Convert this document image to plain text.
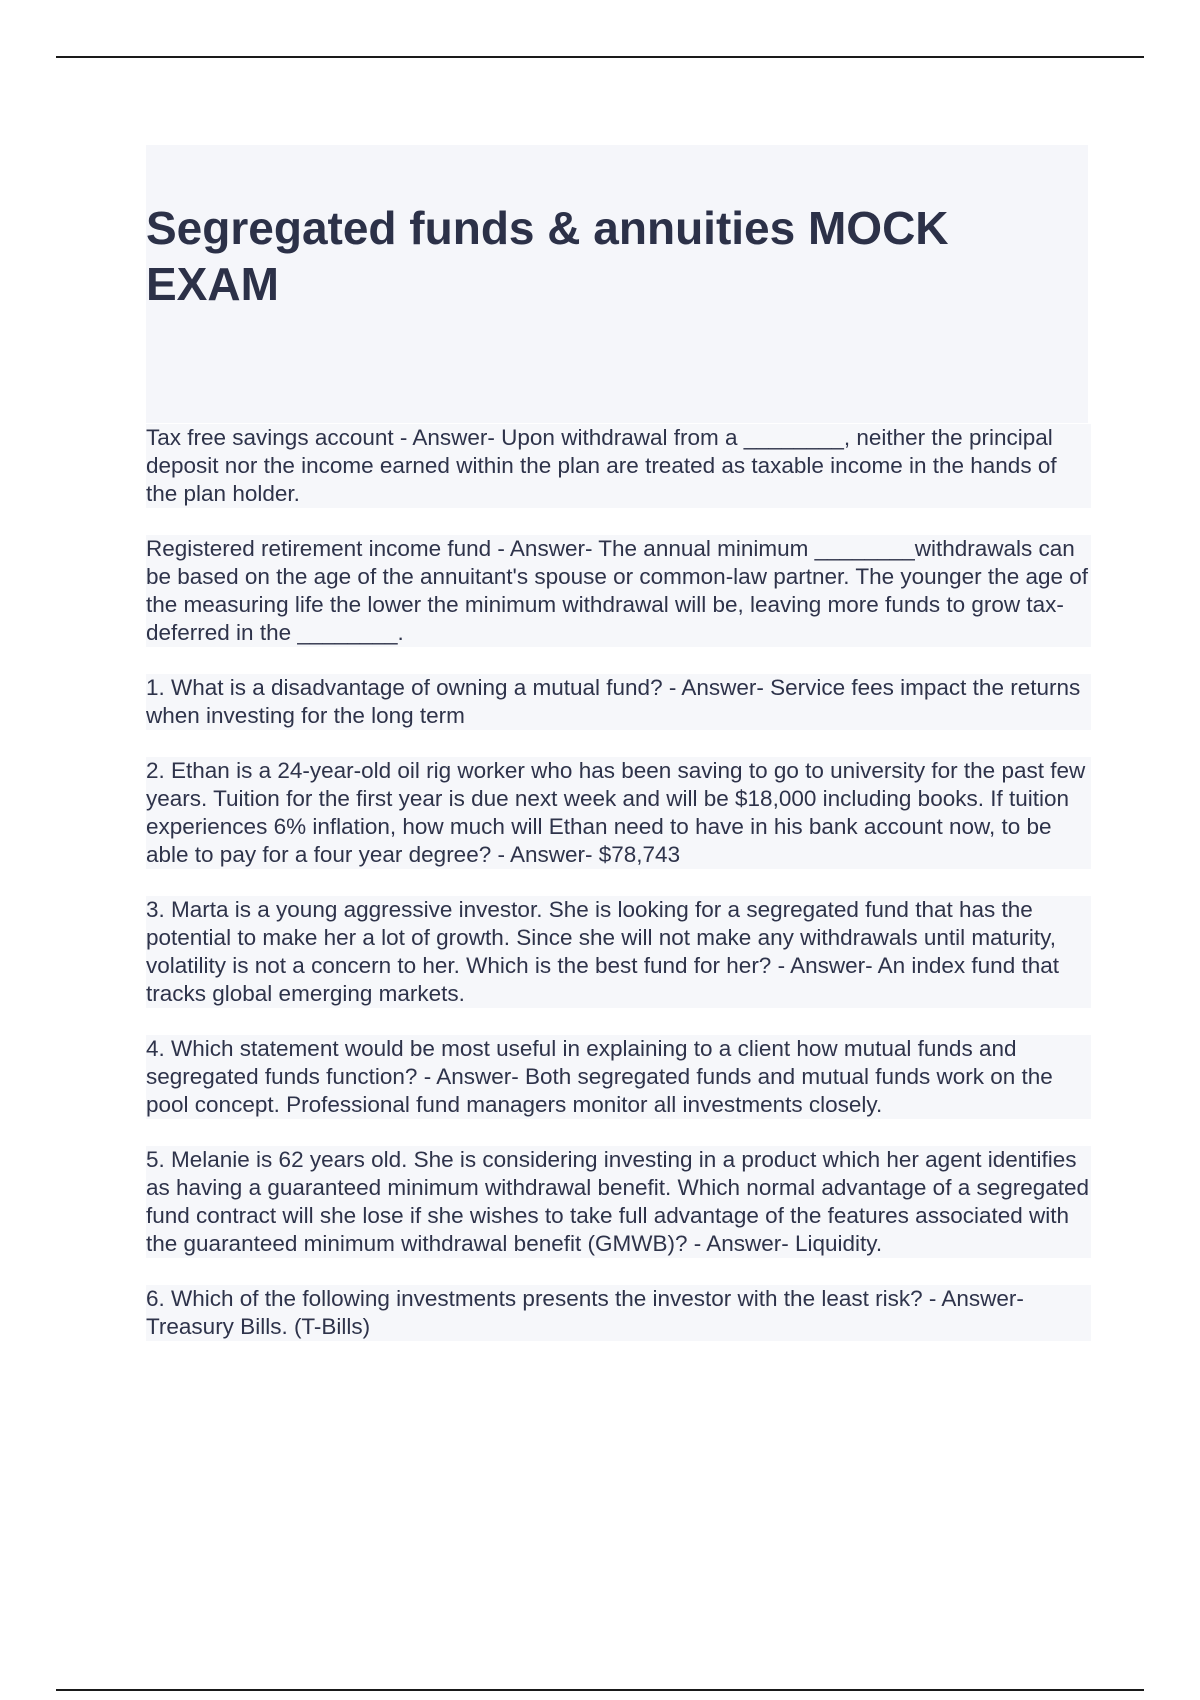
Segregated funds & annuities MOCK EXAM

Tax free savings account - Answer- Upon withdrawal from a ________, neither the principal deposit nor the income earned within the plan are treated as taxable income in the hands of the plan holder.

Registered retirement income fund - Answer- The annual minimum ________withdrawals can be based on the age of the annuitant's spouse or common-law partner. The younger the age of the measuring life the lower the minimum withdrawal will be, leaving more funds to grow tax-deferred in the ________.

1. What is a disadvantage of owning a mutual fund? - Answer- Service fees impact the returns when investing for the long term

2. Ethan is a 24-year-old oil rig worker who has been saving to go to university for the past few years. Tuition for the first year is due next week and will be $18,000 including books. If tuition experiences 6% inflation, how much will Ethan need to have in his bank account now, to be able to pay for a four year degree? - Answer- $78,743

3. Marta is a young aggressive investor. She is looking for a segregated fund that has the potential to make her a lot of growth. Since she will not make any withdrawals until maturity, volatility is not a concern to her. Which is the best fund for her? - Answer- An index fund that tracks global emerging markets.

4. Which statement would be most useful in explaining to a client how mutual funds and segregated funds function? - Answer- Both segregated funds and mutual funds work on the pool concept. Professional fund managers monitor all investments closely.

5. Melanie is 62 years old. She is considering investing in a product which her agent identifies as having a guaranteed minimum withdrawal benefit. Which normal advantage of a segregated fund contract will she lose if she wishes to take full advantage of the features associated with the guaranteed minimum withdrawal benefit (GMWB)? - Answer- Liquidity.

6. Which of the following investments presents the investor with the least risk? - Answer- Treasury Bills. (T-Bills)
